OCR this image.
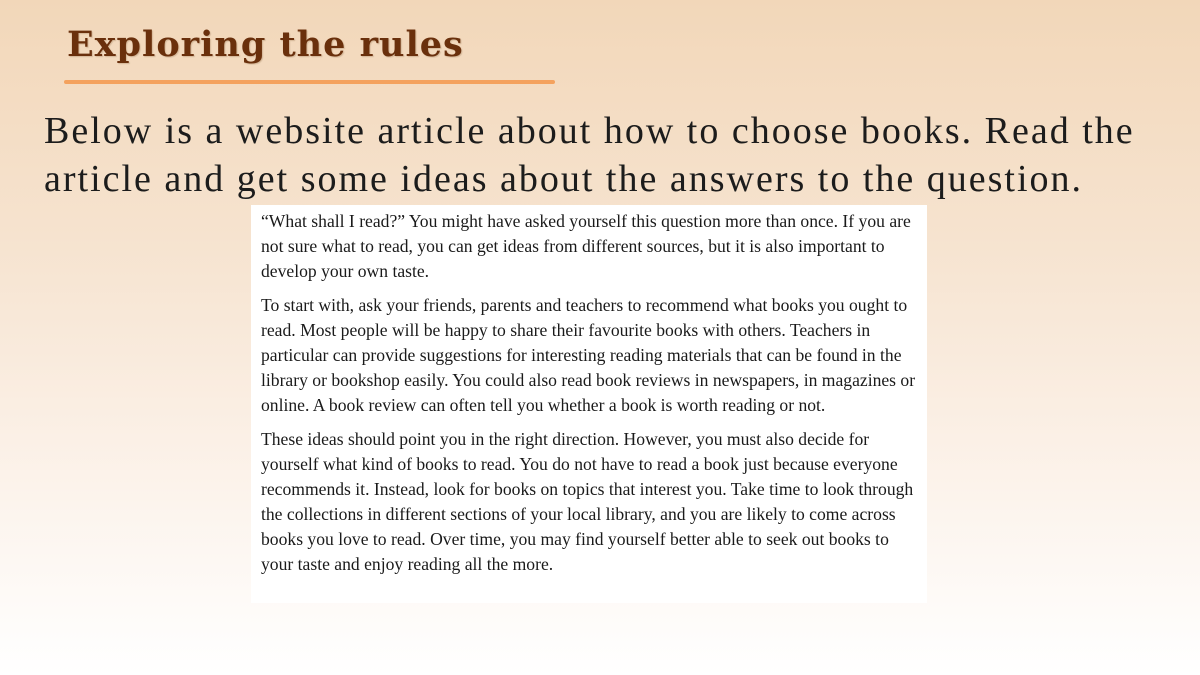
Exploring the rules

Below is a website article about how to choose books. Read the article and get some ideas about the answers to the question.

“What shall I read?” You might have asked yourself this question more than once. If you are not sure what to read, you can get ideas from different sources, but it is also important to develop your own taste.

To start with, ask your friends, parents and teachers to recommend what books you ought to read. Most people will be happy to share their favourite books with others. Teachers in particular can provide suggestions for interesting reading materials that can be found in the library or bookshop easily. You could also read book reviews in newspapers, in magazines or online. A book review can often tell you whether a book is worth reading or not.

These ideas should point you in the right direction. However, you must also decide for yourself what kind of books to read. You do not have to read a book just because everyone recommends it. Instead, look for books on topics that interest you. Take time to look through the collections in different sections of your local library, and you are likely to come across books you love to read. Over time, you may find yourself better able to seek out books to your taste and enjoy reading all the more.
